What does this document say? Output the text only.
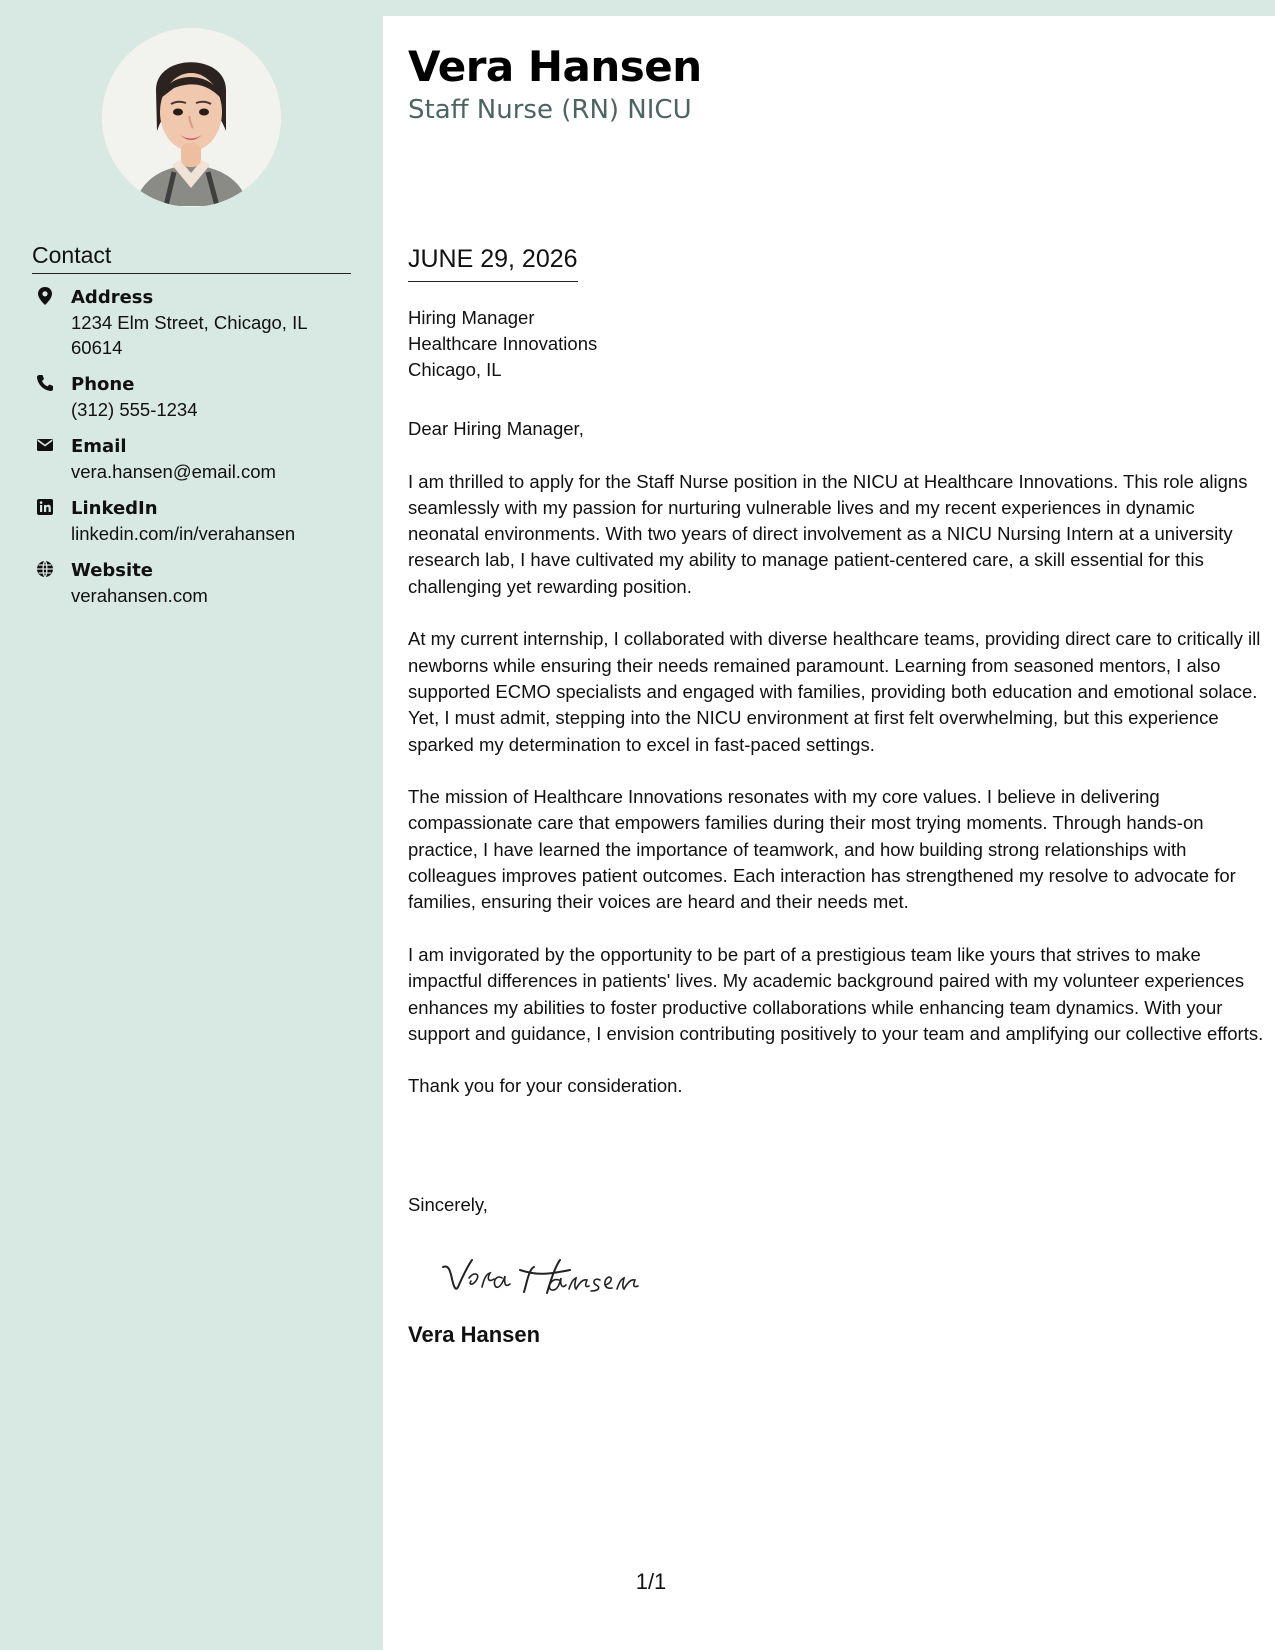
Contact
Address
1234 Elm Street, Chicago, IL 60614
Phone
(312) 555-1234
Email
vera.hansen@email.com
LinkedIn
linkedin.com/in/verahansen
Website
verahansen.com
Vera Hansen
Staff Nurse (RN) NICU
JUNE 29, 2026
Hiring Manager
Healthcare Innovations
Chicago, IL

Dear Hiring Manager,

I am thrilled to apply for the Staff Nurse position in the NICU at Healthcare Innovations. This role aligns seamlessly with my passion for nurturing vulnerable lives and my recent experiences in dynamic neonatal environments. With two years of direct involvement as a NICU Nursing Intern at a university research lab, I have cultivated my ability to manage patient-centered care, a skill essential for this challenging yet rewarding position.

At my current internship, I collaborated with diverse healthcare teams, providing direct care to critically ill newborns while ensuring their needs remained paramount. Learning from seasoned mentors, I also supported ECMO specialists and engaged with families, providing both education and emotional solace. Yet, I must admit, stepping into the NICU environment at first felt overwhelming, but this experience sparked my determination to excel in fast-paced settings.

The mission of Healthcare Innovations resonates with my core values. I believe in delivering compassionate care that empowers families during their most trying moments. Through hands-on practice, I have learned the importance of teamwork, and how building strong relationships with colleagues improves patient outcomes. Each interaction has strengthened my resolve to advocate for families, ensuring their voices are heard and their needs met.

I am invigorated by the opportunity to be part of a prestigious team like yours that strives to make impactful differences in patients' lives. My academic background paired with my volunteer experiences enhances my abilities to foster productive collaborations while enhancing team dynamics. With your support and guidance, I envision contributing positively to your team and amplifying our collective efforts.

Thank you for your consideration.

Sincerely,
Vera Hansen
1/1
